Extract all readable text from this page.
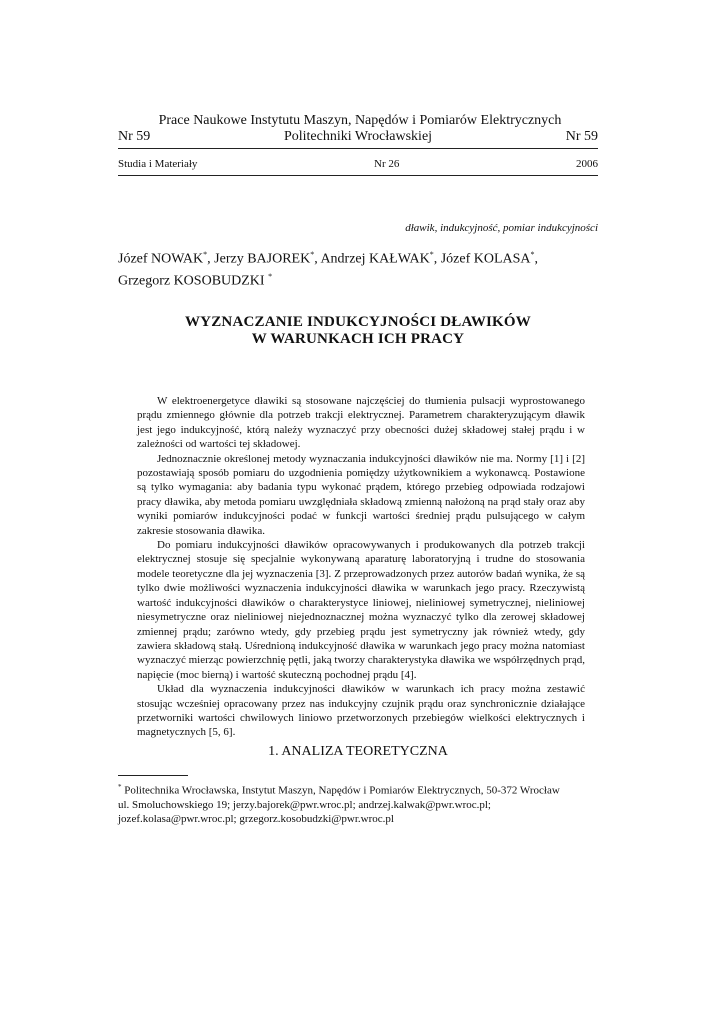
Prace Naukowe Instytutu Maszyn, Napędów i Pomiarów Elektrycznych
Nr 59	Politechniki Wrocławskiej	Nr 59
Studia i Materiały	Nr 26	2006
dławik, indukcyjność, pomiar indukcyjności
Józef NOWAK*, Jerzy BAJOREK*, Andrzej KAŁWAK*, Józef KOLASA*,
Grzegorz KOSOBUDZKI *
WYZNACZANIE INDUKCYJNOŚCI DŁAWIKÓW
W WARUNKACH ICH PRACY

W elektroenergetyce dławiki są stosowane najczęściej do tłumienia pulsacji wyprostowanego prądu zmiennego głównie dla potrzeb trakcji elektrycznej. Parametrem charakteryzującym dławik jest jego indukcyjność, którą należy wyznaczyć przy obecności dużej składowej stałej prądu i w zależności od wartości tej składowej.

Jednoznacznie określonej metody wyznaczania indukcyjności dławików nie ma. Normy [1] i [2] pozostawiają sposób pomiaru do uzgodnienia pomiędzy użytkownikiem a wykonawcą. Postawione są tylko wymagania: aby badania typu wykonać prądem, którego przebieg odpowiada rodzajowi pracy dławika, aby metoda pomiaru uwzględniała składową zmienną nałożoną na prąd stały oraz aby wyniki pomiarów indukcyjności podać w funkcji wartości średniej prądu pulsującego w całym zakresie stosowania dławika.

Do pomiaru indukcyjności dławików opracowywanych i produkowanych dla potrzeb trakcji elektrycznej stosuje się specjalnie wykonywaną aparaturę laboratoryjną i trudne do stosowania modele teoretyczne dla jej wyznaczenia [3]. Z przeprowadzonych przez autorów badań wynika, że są tylko dwie możliwości wyznaczenia indukcyjności dławika w warunkach jego pracy. Rzeczywistą wartość indukcyjności dławików o charakterystyce liniowej, nieliniowej symetrycznej, nieliniowej niesymetryczne oraz nieliniowej niejednoznacznej można wyznaczyć tylko dla zerowej składowej zmiennej prądu; zarówno wtedy, gdy przebieg prądu jest symetryczny jak również wtedy, gdy zawiera składową stałą. Uśrednioną indukcyjność dławika w warunkach jego pracy można natomiast wyznaczyć mierząc powierzchnię pętli, jaką tworzy charakterystyka dławika we współrzędnych prąd, napięcie (moc bierną) i wartość skuteczną pochodnej prądu [4].

Układ dla wyznaczenia indukcyjności dławików w warunkach ich pracy można zestawić stosując wcześniej opracowany przez nas indukcyjny czujnik prądu oraz synchronicznie działające przetworniki wartości chwilowych liniowo przetworzonych przebiegów wielkości elektrycznych i magnetycznych [5, 6].

1. ANALIZA TEORETYCZNA

* Politechnika Wrocławska, Instytut Maszyn, Napędów i Pomiarów Elektrycznych, 50-372 Wrocław

ul. Smoluchowskiego 19; jerzy.bajorek@pwr.wroc.pl; andrzej.kalwak@pwr.wroc.pl;

jozef.kolasa@pwr.wroc.pl; grzegorz.kosobudzki@pwr.wroc.pl
